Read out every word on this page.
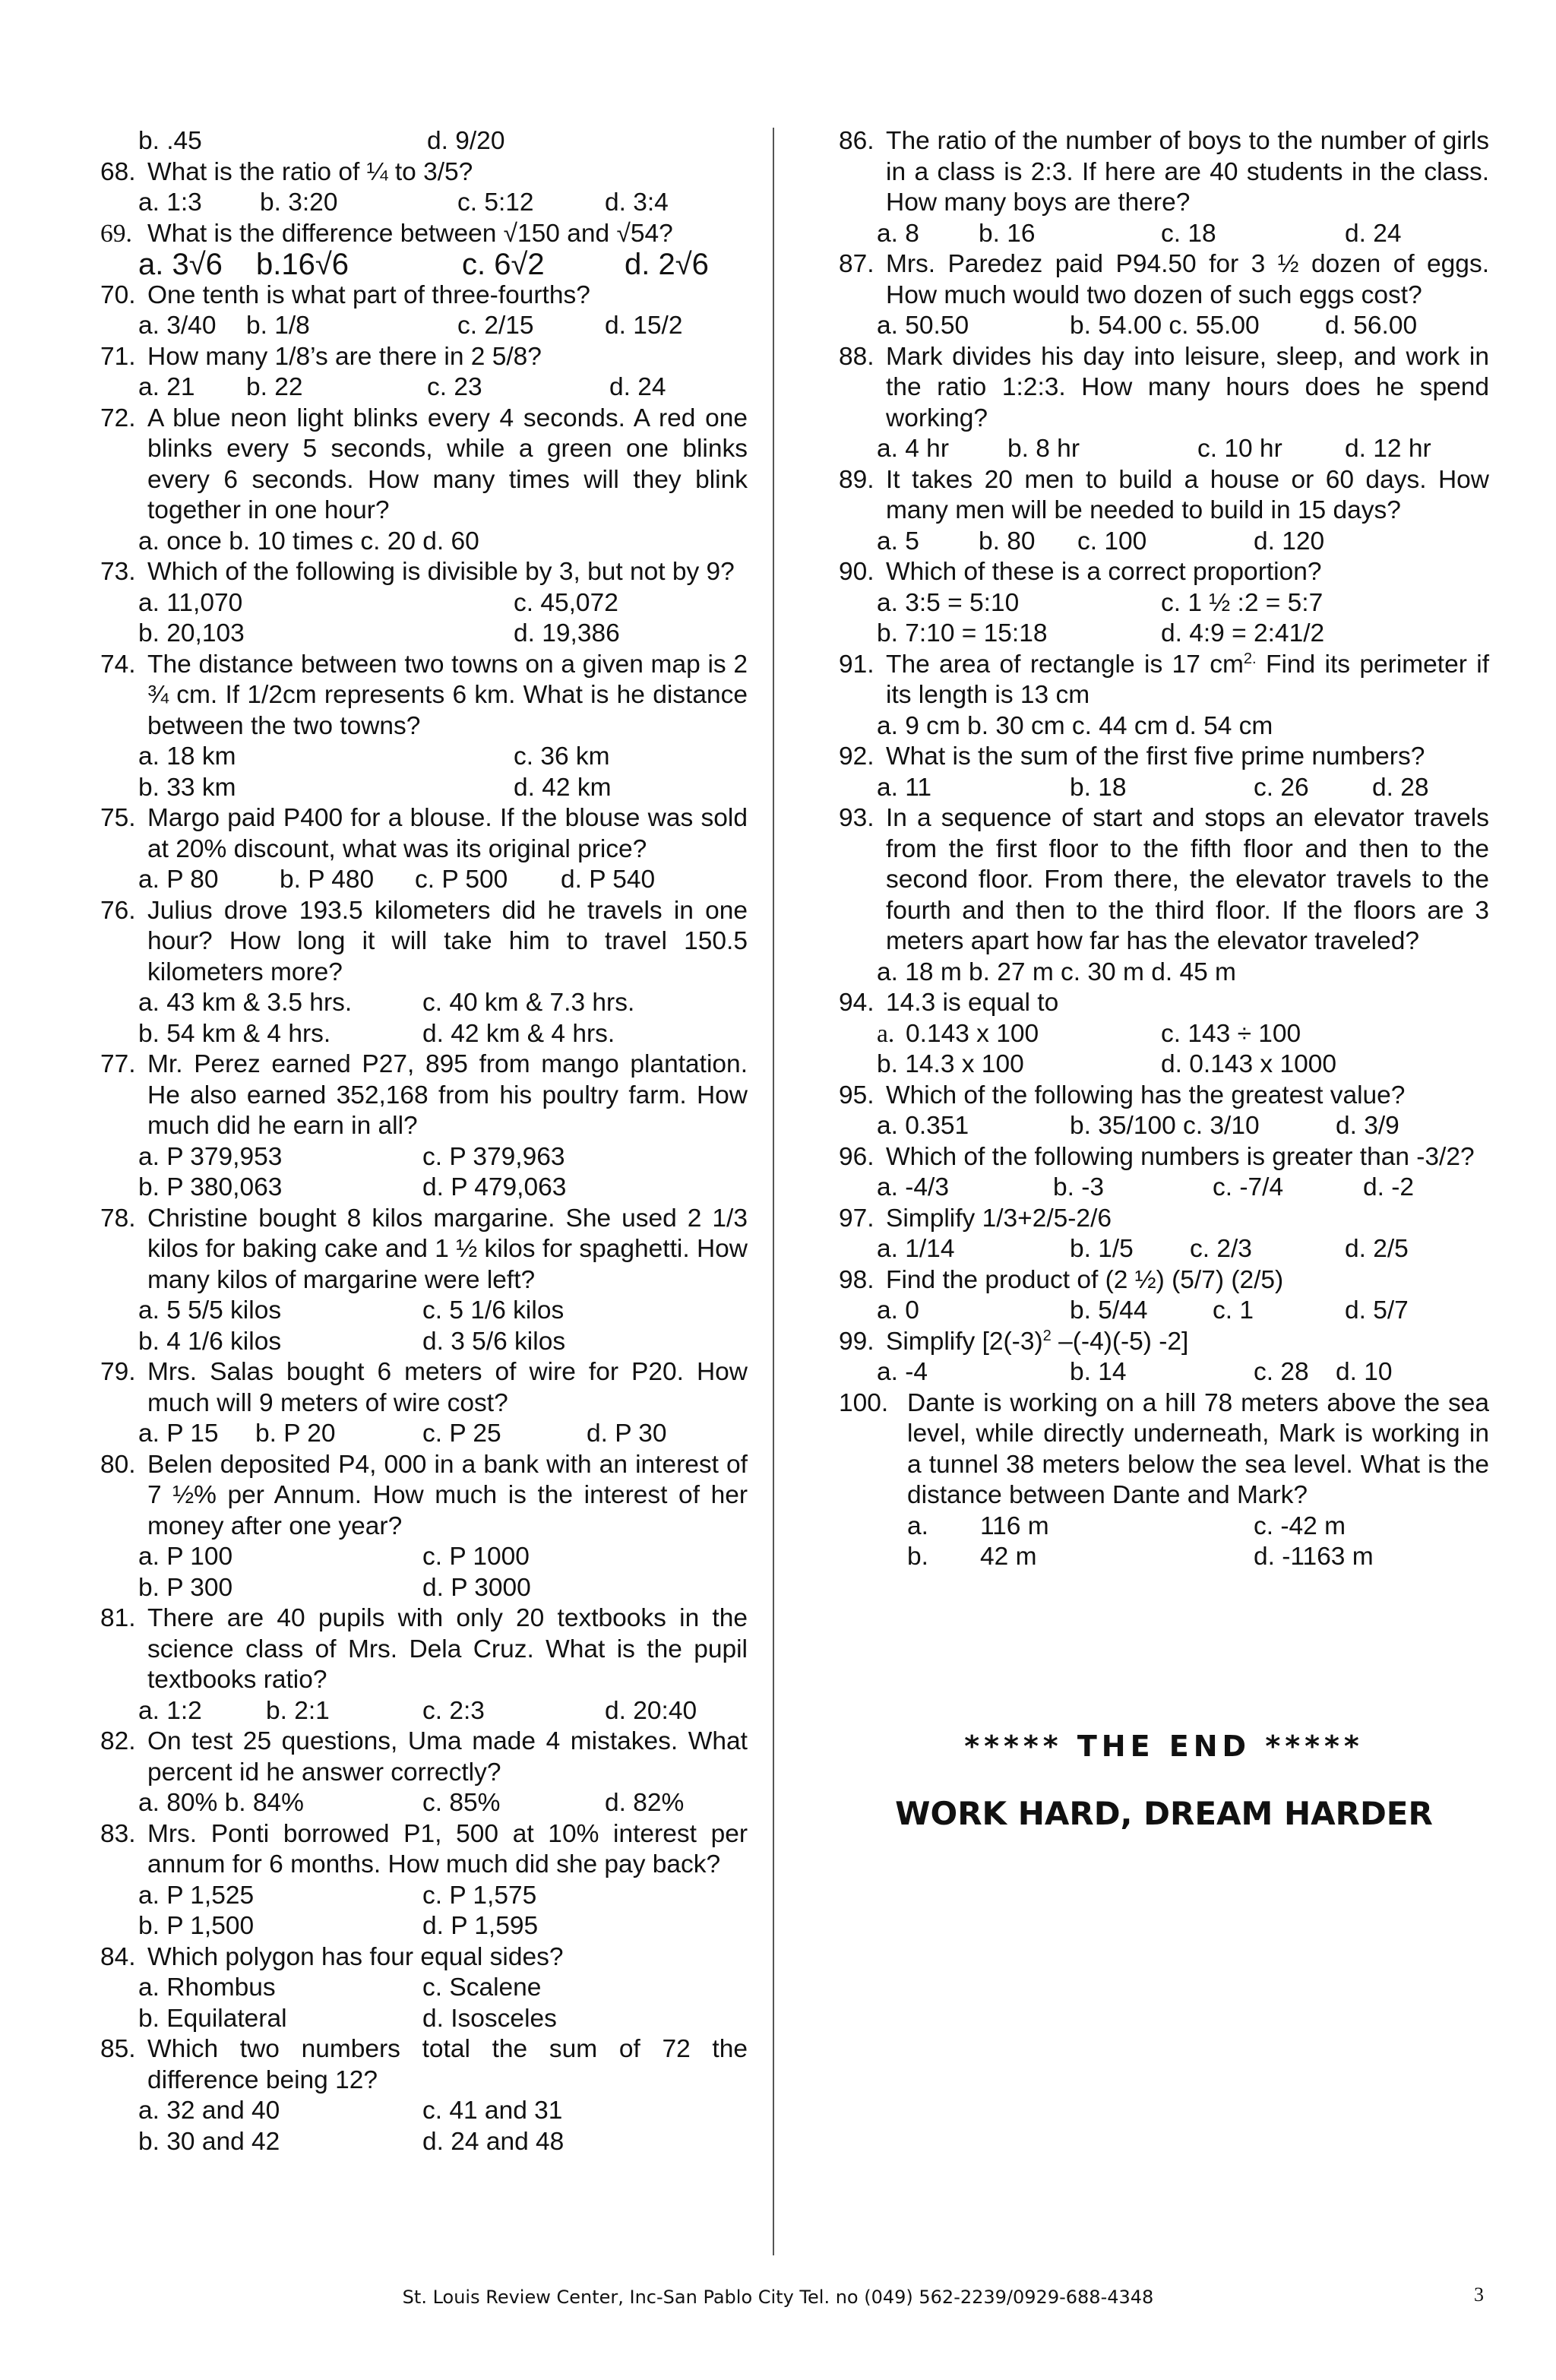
b. .45	d. 9/20
68. What is the ratio of ¼ to 3/5?
a. 1:3 b. 3:20	c. 5:12	d. 3:4
69. What is the difference between √150 and √54?
a. 3√6 b.16√6	c. 6√2	d. 2√6
70. One tenth is what part of three-fourths?
a. 3/40 b. 1/8	c. 2/15	d. 15/2
71. How many 1/8’s are there in 2 5/8?
a. 21 b. 22	c. 23	d. 24
72. A blue neon light blinks every 4 seconds. A red one blinks every 5 seconds, while a green one blinks every 6 seconds. How many times will they blink together in one hour?
a. once b. 10 times c. 20 d. 60
73. Which of the following is divisible by 3, but not by 9?
a. 11,070	c. 45,072
b. 20,103	d. 19,386
74. The distance between two towns on a given map is 2 ¾ cm. If 1/2cm represents 6 km. What is he distance between the two towns?
a. 18 km	c. 36 km
b. 33 km	d. 42 km
75. Margo paid P400 for a blouse. If the blouse was sold at 20% discount, what was its original price?
a. P 80 b. P 480 c. P 500 d. P 540
76. Julius drove 193.5 kilometers did he travels in one hour? How long it will take him to travel 150.5 kilometers more?
a. 43 km & 3.5 hrs.	c. 40 km & 7.3 hrs.
b. 54 km & 4 hrs.	d. 42 km & 4 hrs.
77. Mr. Perez earned P27, 895 from mango plantation. He also earned 352,168 from his poultry farm. How much did he earn in all?
a. P 379,953	c. P 379,963
b. P 380,063	d. P 479,063
78. Christine bought 8 kilos margarine. She used 2 1/3 kilos for baking cake and 1 ½ kilos for spaghetti. How many kilos of margarine were left?
a. 5 5/5 kilos	c. 5 1/6 kilos
b. 4 1/6 kilos	d. 3 5/6 kilos
79. Mrs. Salas bought 6 meters of wire for P20. How much will 9 meters of wire cost?
a. P 15 b. P 20	c. P 25	d. P 30
80. Belen deposited P4, 000 in a bank with an interest of 7 ½% per Annum. How much is the interest of her money after one year?
a. P 100	c. P 1000
b. P 300	d. P 3000
81. There are 40 pupils with only 20 textbooks in the science class of Mrs. Dela Cruz. What is the pupil textbooks ratio?
a. 1:2	b. 2:1	c. 2:3	d. 20:40
82. On test 25 questions, Uma made 4 mistakes. What percent id he answer correctly?
a. 80% b. 84%	c. 85%	d. 82%
83. Mrs. Ponti borrowed P1, 500 at 10% interest per annum for 6 months. How much did she pay back?
a. P 1,525	c. P 1,575
b. P 1,500	d. P 1,595
84. Which polygon has four equal sides?
a. Rhombus	c. Scalene
b. Equilateral	d. Isosceles
85. Which two numbers total the sum of 72 the difference being 12?
a. 32 and 40	c. 41 and 31
b. 30 and 42	d. 24 and 48
86. The ratio of the number of boys to the number of girls in a class is 2:3. If here are 40 students in the class. How many boys are there?
a. 8 b. 16	c. 18	d. 24
87. Mrs. Paredez paid P94.50 for 3 ½ dozen of eggs. How much would two dozen of such eggs cost?
a. 50.50	b. 54.00 c. 55.00	d. 56.00
88. Mark divides his day into leisure, sleep, and work in the ratio 1:2:3. How many hours does he spend working?
a. 4 hr b. 8 hr	c. 10 hr d. 12 hr
89. It takes 20 men to build a house or 60 days. How many men will be needed to build in 15 days?
a. 5 b. 80 c. 100	d. 120
90. Which of these is a correct proportion?
a. 3:5 = 5:10	c. 1 ½ :2 = 5:7
b. 7:10 = 15:18	d. 4:9 = 2:41/2
91. The area of rectangle is 17 $cm^{2.}$ Find its perimeter if its length is 13 cm
a. 9 cm b. 30 cm c. 44 cm d. 54 cm
92. What is the sum of the first five prime numbers?
a. 11	b. 18	c. 26 d. 28
93. In a sequence of start and stops an elevator travels from the first floor to the fifth floor and then to the second floor. From there, the elevator travels to the fourth and then to the third floor. If the floors are 3 meters apart how far has the elevator traveled?
a. 18 m b. 27 m c. 30 m d. 45 m
94. 14.3 is equal to
a. 0.143 x 100	c. 143 ÷ 100
b. 14.3 x 100	d. 0.143 x 1000
95. Which of the following has the greatest value?
a. 0.351	b. 35/100 c. 3/10	d. 3/9
96. Which of the following numbers is greater than -3/2?
a. -4/3	b. -3	c. -7/4	d. -2
97. Simplify 1/3+2/5-2/6
a. 1/14	b. 1/5 c. 2/3	d. 2/5
98. Find the product of (2 ½) (5/7) (2/5)
a. 0	b. 5/44	c. 1	d. 5/7
99. Simplify [$2(-3)^2$ –(-4)(-5) -2]
a. -4	b. 14	c. 28 d. 10
100. Dante is working on a hill 78 meters above the sea level, while directly underneath, Mark is working in a tunnel 38 meters below the sea level. What is the distance between Dante and Mark?
a. 116 m	c. -42 m
b. 42 m	d. -1163 m
***** THE END *****
WORK HARD, DREAM HARDER
St. Louis Review Center, Inc-San Pablo City Tel. no (049) 562-2239/0929-688-4348	3
